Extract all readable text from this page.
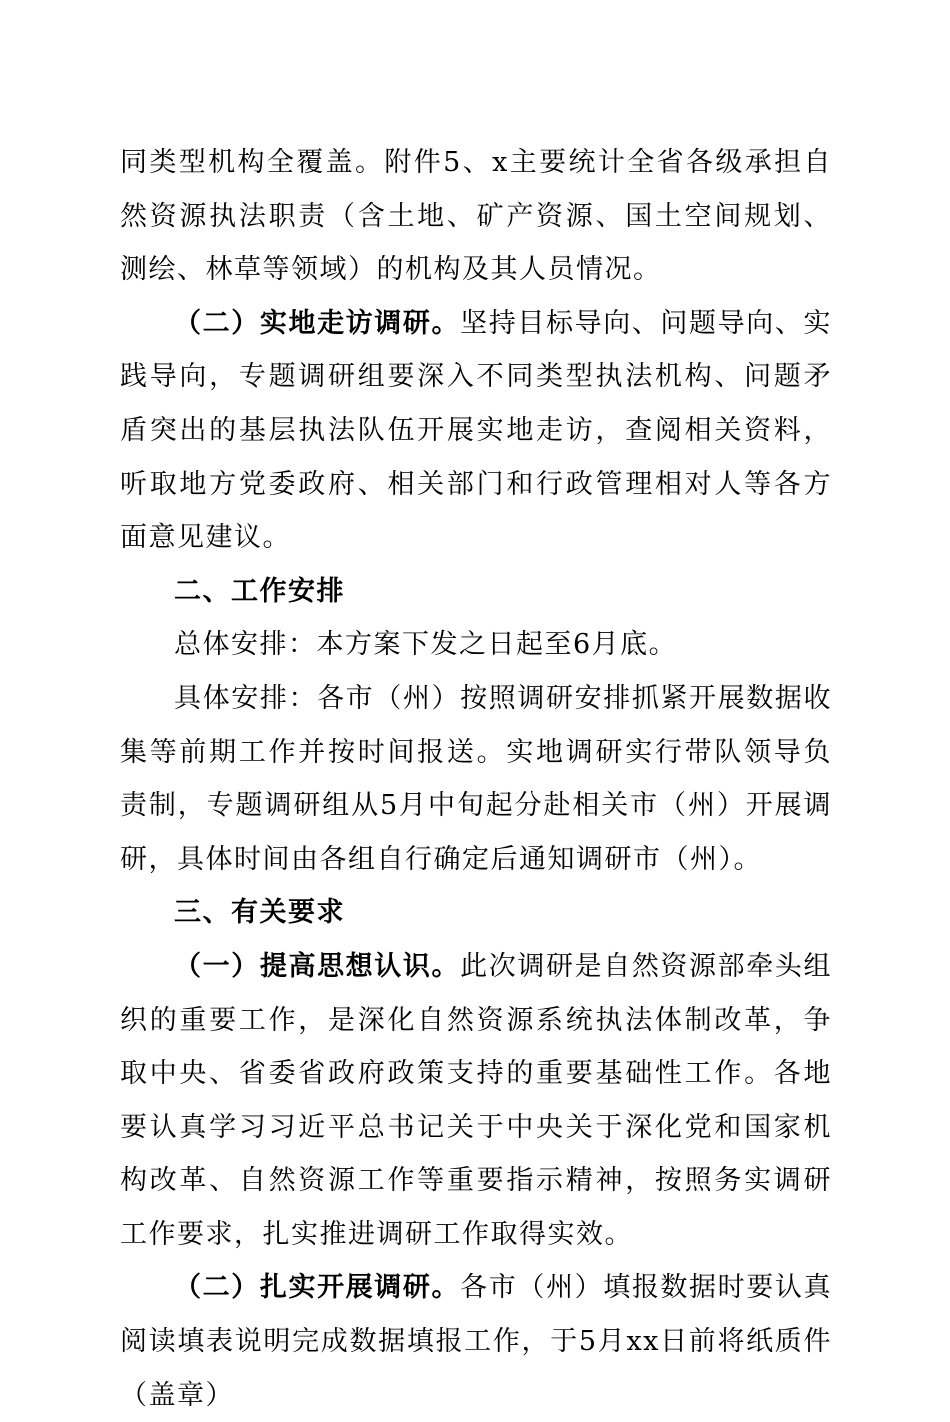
同类型机构全覆盖。附件5、x主要统计全省各级承担自然资源执法职责（含土地、矿产资源、国土空间规划、测绘、林草等领域）的机构及其人员情况。

（二）实地走访调研。坚持目标导向、问题导向、实践导向，专题调研组要深入不同类型执法机构、问题矛盾突出的基层执法队伍开展实地走访，查阅相关资料，听取地方党委政府、相关部门和行政管理相对人等各方面意见建议。

二、工作安排

总体安排：本方案下发之日起至6月底。

具体安排：各市（州）按照调研安排抓紧开展数据收集等前期工作并按时间报送。实地调研实行带队领导负责制，专题调研组从5月中旬起分赴相关市（州）开展调研，具体时间由各组自行确定后通知调研市（州）。

三、有关要求

（一）提高思想认识。此次调研是自然资源部牵头组织的重要工作，是深化自然资源系统执法体制改革，争取中央、省委省政府政策支持的重要基础性工作。各地要认真学习习近平总书记关于中央关于深化党和国家机构改革、自然资源工作等重要指示精神，按照务实调研工作要求，扎实推进调研工作取得实效。

（二）扎实开展调研。各市（州）填报数据时要认真阅读填表说明完成数据填报工作，于5月xx日前将纸质件（盖章）
